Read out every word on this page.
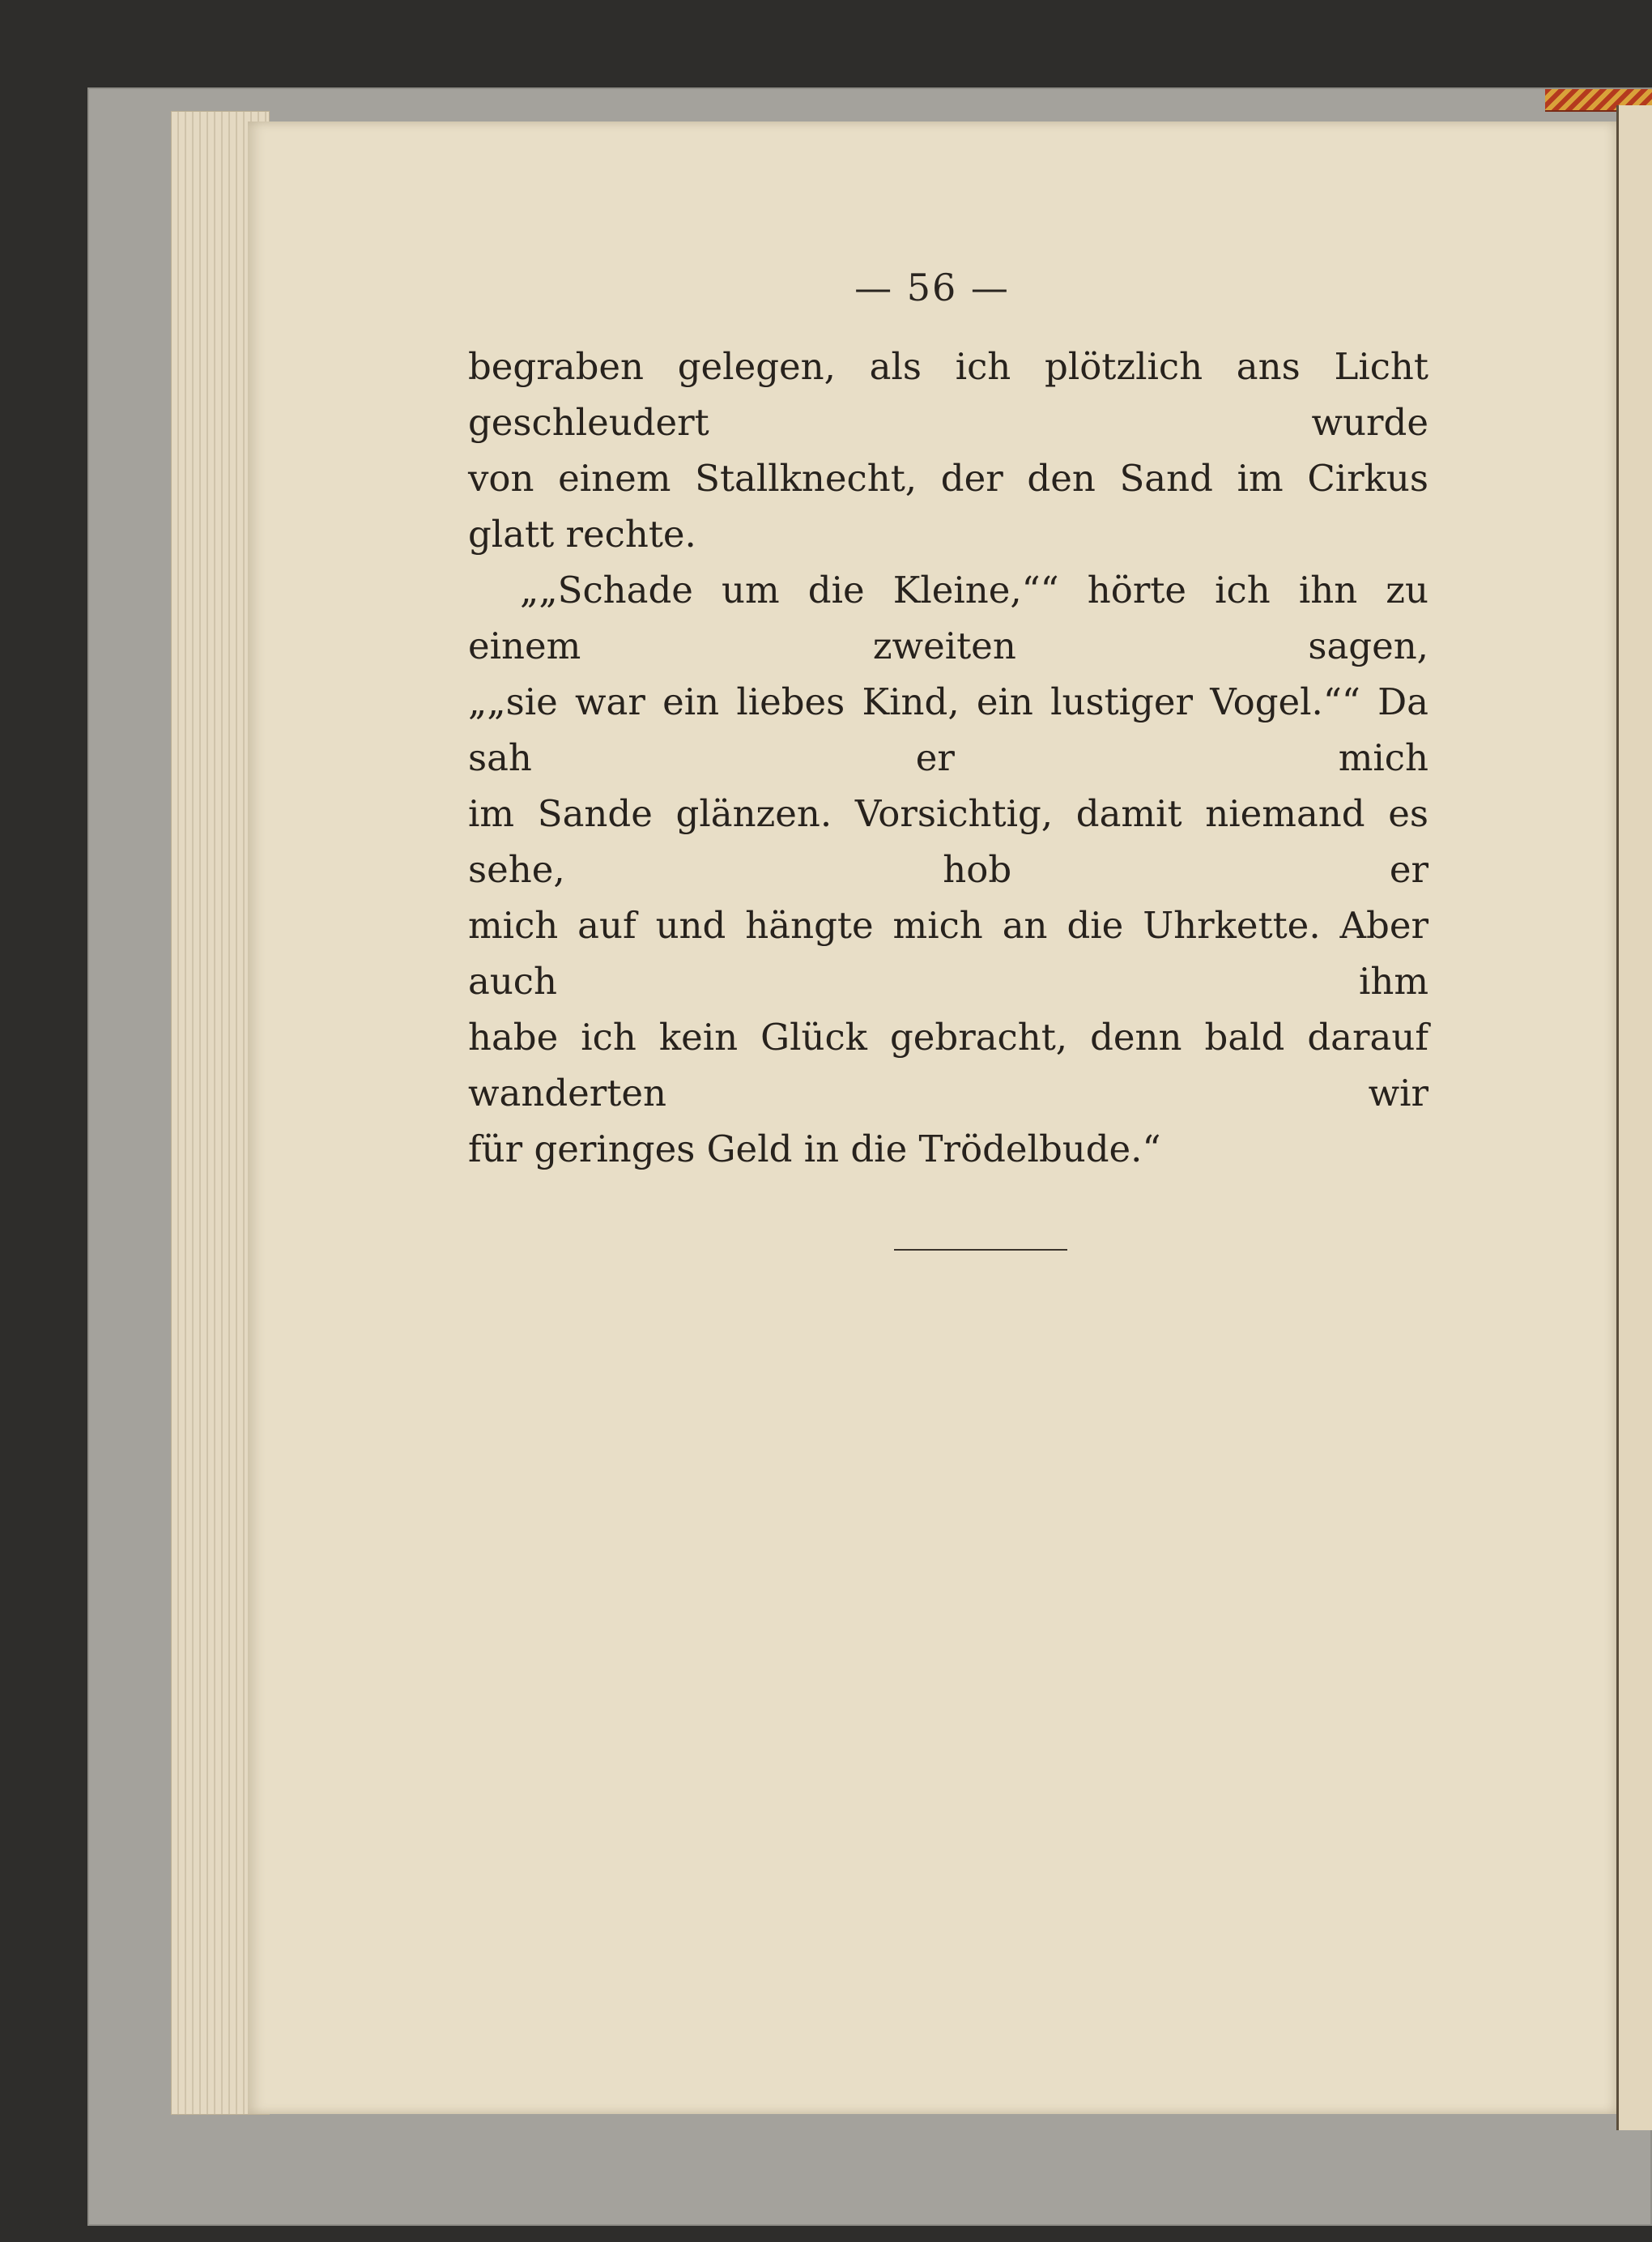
— 56 —

begraben gelegen, als ich plötzlich ans Licht geschleudert wurde

von einem Stallknecht, der den Sand im Cirkus glatt rechte.

„„Schade um die Kleine,““ hörte ich ihn zu einem zweiten sagen,

„„sie war ein liebes Kind, ein lustiger Vogel.““ Da sah er mich

im Sande glänzen. Vorsichtig, damit niemand es sehe, hob er

mich auf und hängte mich an die Uhrkette. Aber auch ihm

habe ich kein Glück gebracht, denn bald darauf wanderten wir

für geringes Geld in die Trödelbude.“
